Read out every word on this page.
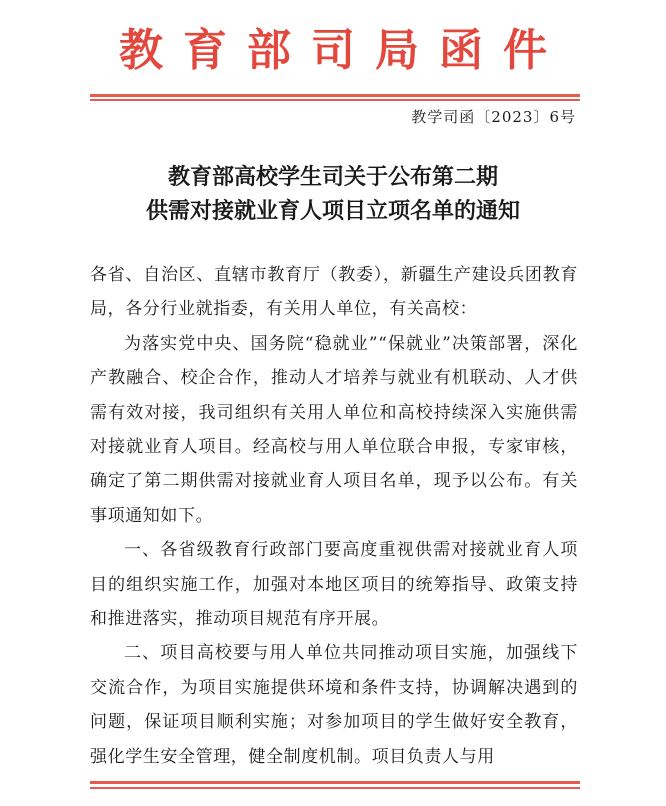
教育部司局函件
教学司函〔2023〕6号
教育部高校学生司关于公布第二期
供需对接就业育人项目立项名单的通知

各省、自治区、直辖市教育厅（教委），新疆生产建设兵团教育局，各分行业就指委，有关用人单位，有关高校：

为落实党中央、国务院“稳就业”“保就业”决策部署，深化产教融合、校企合作，推动人才培养与就业有机联动、人才供需有效对接，我司组织有关用人单位和高校持续深入实施供需对接就业育人项目。经高校与用人单位联合申报，专家审核，确定了第二期供需对接就业育人项目名单，现予以公布。有关事项通知如下。

一、各省级教育行政部门要高度重视供需对接就业育人项目的组织实施工作，加强对本地区项目的统筹指导、政策支持和推进落实，推动项目规范有序开展。

二、项目高校要与用人单位共同推动项目实施，加强线下交流合作，为项目实施提供环境和条件支持，协调解决遇到的问题，保证项目顺利实施；对参加项目的学生做好安全教育，强化学生安全管理，健全制度机制。项目负责人与用
